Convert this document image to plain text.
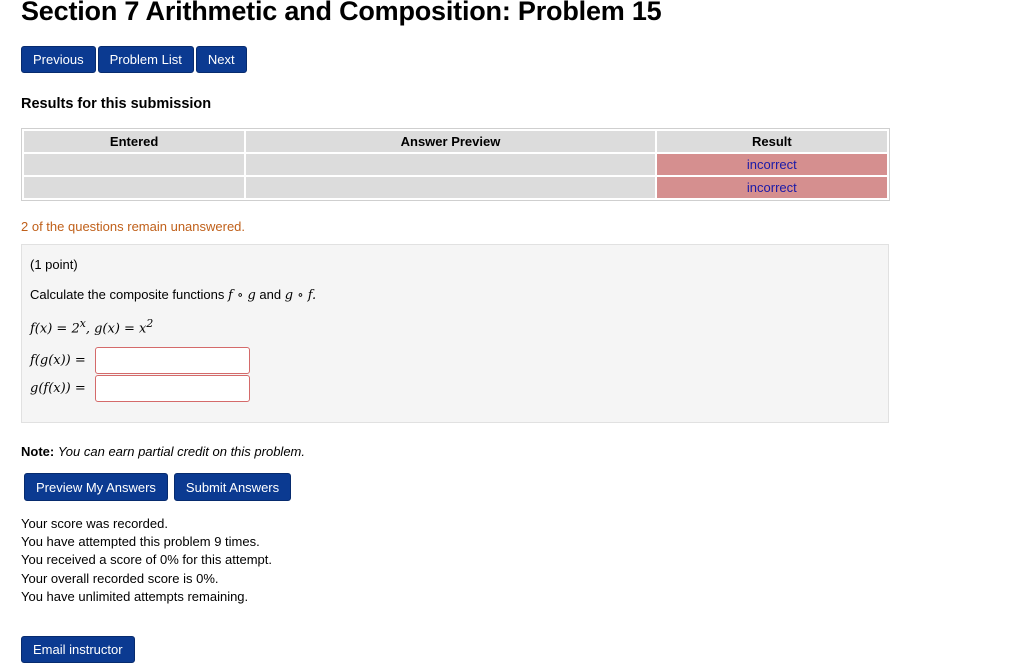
Section 7 Arithmetic and Composition: Problem 15
Previous	Problem List	Next
Results for this submission
Entered	Answer Preview	Result
		incorrect
		incorrect
2 of the questions remain unanswered.
(1 point)
Calculate the composite functions f ∘ g and g ∘ f.
$f(x) = 2^x$, $g(x) = x^2$
f(g(x)) =
g(f(x)) =
Note: You can earn partial credit on this problem.
Preview My Answers	Submit Answers
Your score was recorded.
You have attempted this problem 9 times.
You received a score of 0% for this attempt.
Your overall recorded score is 0%.
You have unlimited attempts remaining.
Email instructor
